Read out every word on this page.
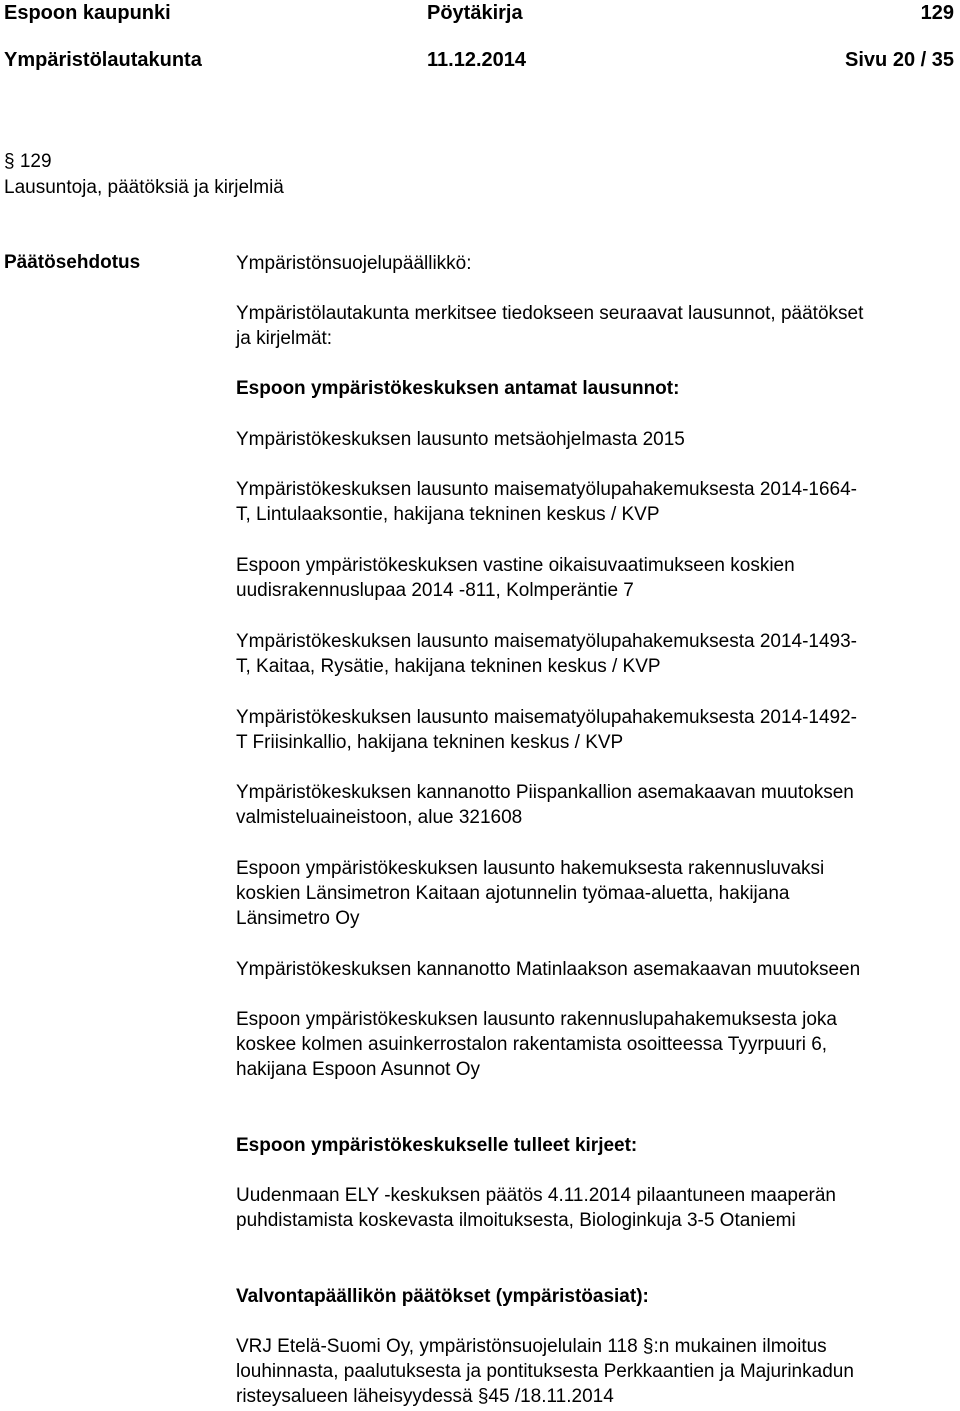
Espoon kaupunki	Pöytäkirja	129
Ympäristölautakunta	11.12.2014	Sivu 20 / 35
§ 129
Lausuntoja, päätöksiä ja kirjelmiä
Päätösehdotus	Ympäristönsuojelupäällikkö:

Ympäristölautakunta merkitsee tiedokseen seuraavat lausunnot, päätökset
ja kirjelmät:

Espoon ympäristökeskuksen antamat lausunnot:

Ympäristökeskuksen lausunto metsäohjelmasta 2015

Ympäristökeskuksen lausunto maisematyölupahakemuksesta 2014-1664-
T, Lintulaaksontie, hakijana tekninen keskus / KVP

Espoon ympäristökeskuksen vastine oikaisuvaatimukseen koskien
uudisrakennuslupaa 2014 -811, Kolmperäntie 7

Ympäristökeskuksen lausunto maisematyölupahakemuksesta 2014-1493-
T, Kaitaa, Rysätie, hakijana tekninen keskus / KVP

Ympäristökeskuksen lausunto maisematyölupahakemuksesta 2014-1492-
T Friisinkallio, hakijana tekninen keskus / KVP

Ympäristökeskuksen kannanotto Piispankallion asemakaavan muutoksen
valmisteluaineistoon, alue 321608

Espoon ympäristökeskuksen lausunto hakemuksesta rakennusluvaksi
koskien Länsimetron Kaitaan ajotunnelin työmaa-aluetta, hakijana
Länsimetro Oy

Ympäristökeskuksen kannanotto Matinlaakson asemakaavan muutokseen

Espoon ympäristökeskuksen lausunto rakennuslupahakemuksesta joka
koskee kolmen asuinkerrostalon rakentamista osoitteessa Tyyrpuuri 6,
hakijana Espoon Asunnot Oy

Espoon ympäristökeskukselle tulleet kirjeet:

Uudenmaan ELY -keskuksen päätös 4.11.2014 pilaantuneen maaperän
puhdistamista koskevasta ilmoituksesta, Biologinkuja 3-5 Otaniemi

Valvontapäällikön päätökset (ympäristöasiat):

VRJ Etelä-Suomi Oy, ympäristönsuojelulain 118 §:n mukainen ilmoitus
louhinnasta, paalutuksesta ja pontituksesta Perkkaantien ja Majurinkadun
risteysalueen läheisyydessä §45 /18.11.2014
